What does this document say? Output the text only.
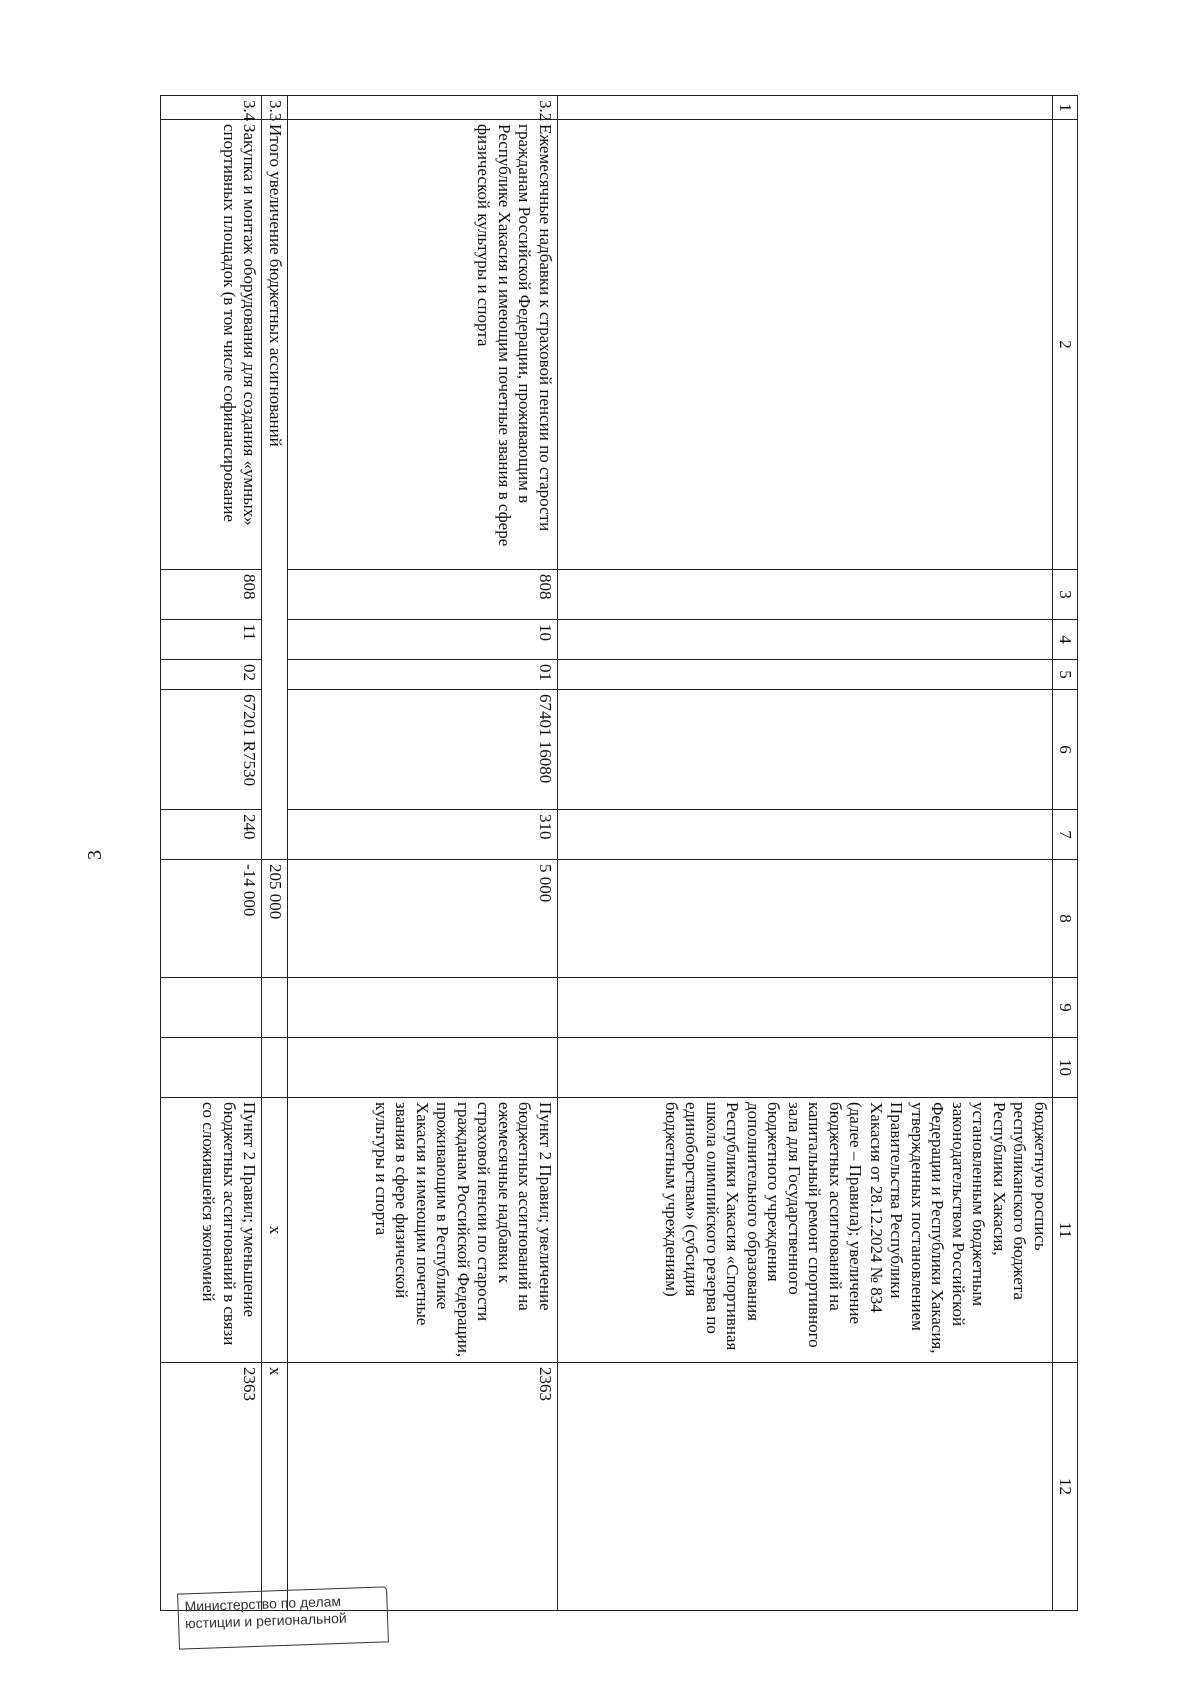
3
1	2	3	4	5	6	7	8	9	10	11	12
										бюджетную роспись республиканского бюджета Республики Хакасия, установленным бюджетным законодательством Российской Федерации и Республики Хакасия, утвержденных постановлением Правительства Республики Хакасия от 28.12.2024 № 834 (далее – Правила); увеличение бюджетных ассигнований на капитальный ремонт спортивного зала для Государственного бюджетного учреждения дополнительного образования Республики Хакасия «Спортивная школа олимпийского резерва по единоборствам» (субсидия бюджетным учреждениям)	
3.2	Ежемесячные надбавки к страховой пенсии по старости гражданам Российской Федерации, проживающим в Республике Хакасия и имеющим почетные звания в сфере физической культуры и спорта	808	10	01	67401 16080	310	5 000			Пункт 2 Правил; увеличение бюджетных ассигнований на ежемесячные надбавки к страховой пенсии по старости гражданам Российской Федерации, проживающим в Республике Хакасия и имеющим почетные звания в сфере физической культуры и спорта	2363
3.3	Итого увеличение бюджетных ассигнований						205 000			х	х
3.4	Закупка и монтаж оборудования для создания «умных» спортивных площадок (в том числе софинансирование	808	11	02	67201 R7530	240	-14 000			Пункт 2 Правил; уменьшение бюджетных ассигнований в связи со сложившейся экономией	2363
Министерство по делам юстиции и региональной
